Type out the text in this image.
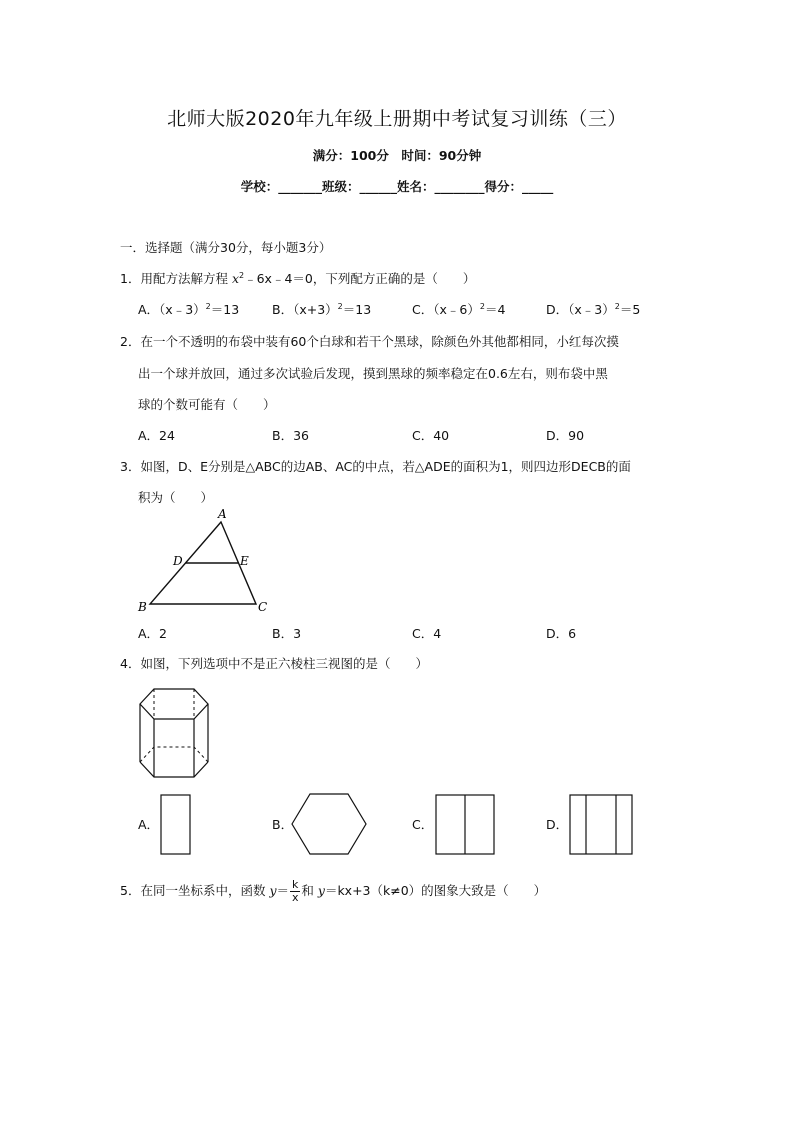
北师大版2020年九年级上册期中考试复习训练（三）
满分：100分　时间：90分钟
学校：_______班级：______姓名：________得分：_____
一．选择题（满分30分，每小题3分）
1．用配方法解方程 $x^2﹣6x﹣4=0$，下列配方正确的是（　　）
A．（x﹣3）$^2$＝13	B．$(x+3)^2=13$	C．（x﹣6）$^2$＝4	D．（x﹣3）$^2$＝5
2．在一个不透明的布袋中装有60个白球和若干个黑球，除颜色外其他都相同，小红每次摸
出一个球并放回，通过多次试验后发现，摸到黑球的频率稳定在0.6左右，则布袋中黑
球的个数可能有（　　）
A．24	B．36	C．40	D．90
3．如图，D、E分别是△ABC的边AB、AC的中点，若△ADE的面积为1，则四边形DECB的面
积为（　　）
A
B	C
D	E
A．2	B．3	C．4	D．6
4．如图，下列选项中不是正六棱柱三视图的是（　　）
A．	B．	C．	D．
5．在同一坐标系中，函数 $y= \frac{k}{x}$ 和 y＝kx+3（k≠0）的图象大致是（　　）
